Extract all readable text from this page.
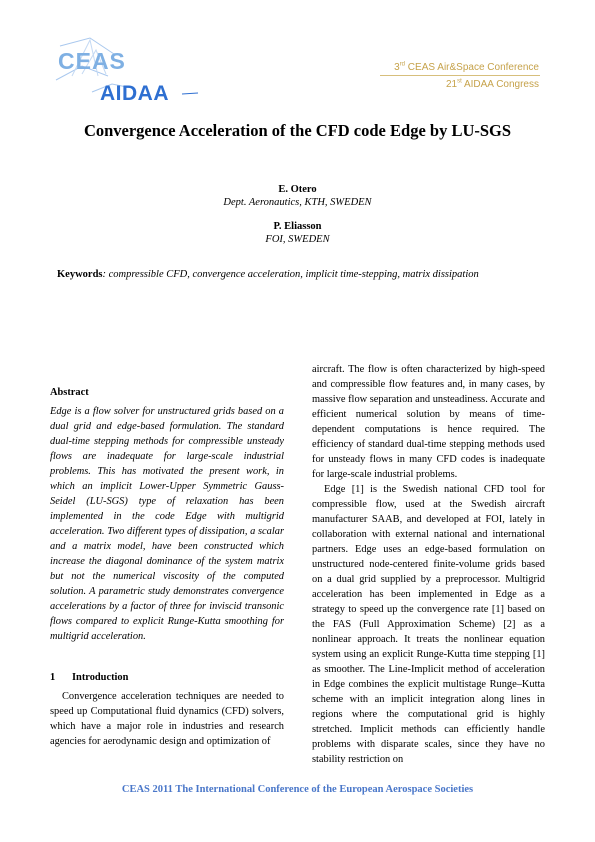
CEAS
AIDAA
3rd CEAS Air&Space Conference
21st AIDAA Congress
Convergence Acceleration of the CFD code Edge by LU-SGS
E. Otero
Dept. Aeronautics, KTH, SWEDEN
P. Eliasson
FOI, SWEDEN
Keywords: compressible CFD, convergence acceleration, implicit time-stepping, matrix dissipation

Abstract

Edge is a flow solver for unstructured grids based on a dual grid and edge-based formulation. The standard dual-time stepping methods for compressible unsteady flows are inadequate for large-scale industrial problems. This has motivated the present work, in which an implicit Lower-Upper Symmetric Gauss-Seidel (LU-SGS) type of relaxation has been implemented in the code Edge with multigrid acceleration. Two different types of dissipation, a scalar and a matrix model, have been constructed which increase the diagonal dominance of the system matrix but not the numerical viscosity of the computed solution. A parametric study demonstrates convergence accelerations by a factor of three for inviscid transonic flows compared to explicit Runge-Kutta smoothing for multigrid acceleration.

1 Introduction

Convergence acceleration techniques are needed to speed up Computational fluid dynamics (CFD) solvers, which have a major role in industries and research agencies for aerodynamic design and optimization of

aircraft. The flow is often characterized by high-speed and compressible flow features and, in many cases, by massive flow separation and unsteadiness. Accurate and efficient numerical solution by means of time-dependent computations is hence required. The efficiency of standard dual-time stepping methods used for unsteady flows in many CFD codes is inadequate for large-scale industrial problems.

Edge [1] is the Swedish national CFD tool for compressible flow, used at the Swedish aircraft manufacturer SAAB, and developed at FOI, lately in collaboration with external national and international partners. Edge uses an edge-based formulation on unstructured node-centered finite-volume grids based on a dual grid supplied by a preprocessor. Multigrid acceleration has been implemented in Edge as a strategy to speed up the convergence rate [1] based on the FAS (Full Approximation Scheme) [2] as a nonlinear approach. It treats the nonlinear equation system using an explicit Runge-Kutta time stepping [1] as smoother. The Line-Implicit method of acceleration in Edge combines the explicit multistage Runge–Kutta scheme with an implicit integration along lines in regions where the computational grid is highly stretched. Implicit methods can efficiently handle problems with disparate scales, since they have no stability restriction on

CEAS 2011 The International Conference of the European Aerospace Societies
